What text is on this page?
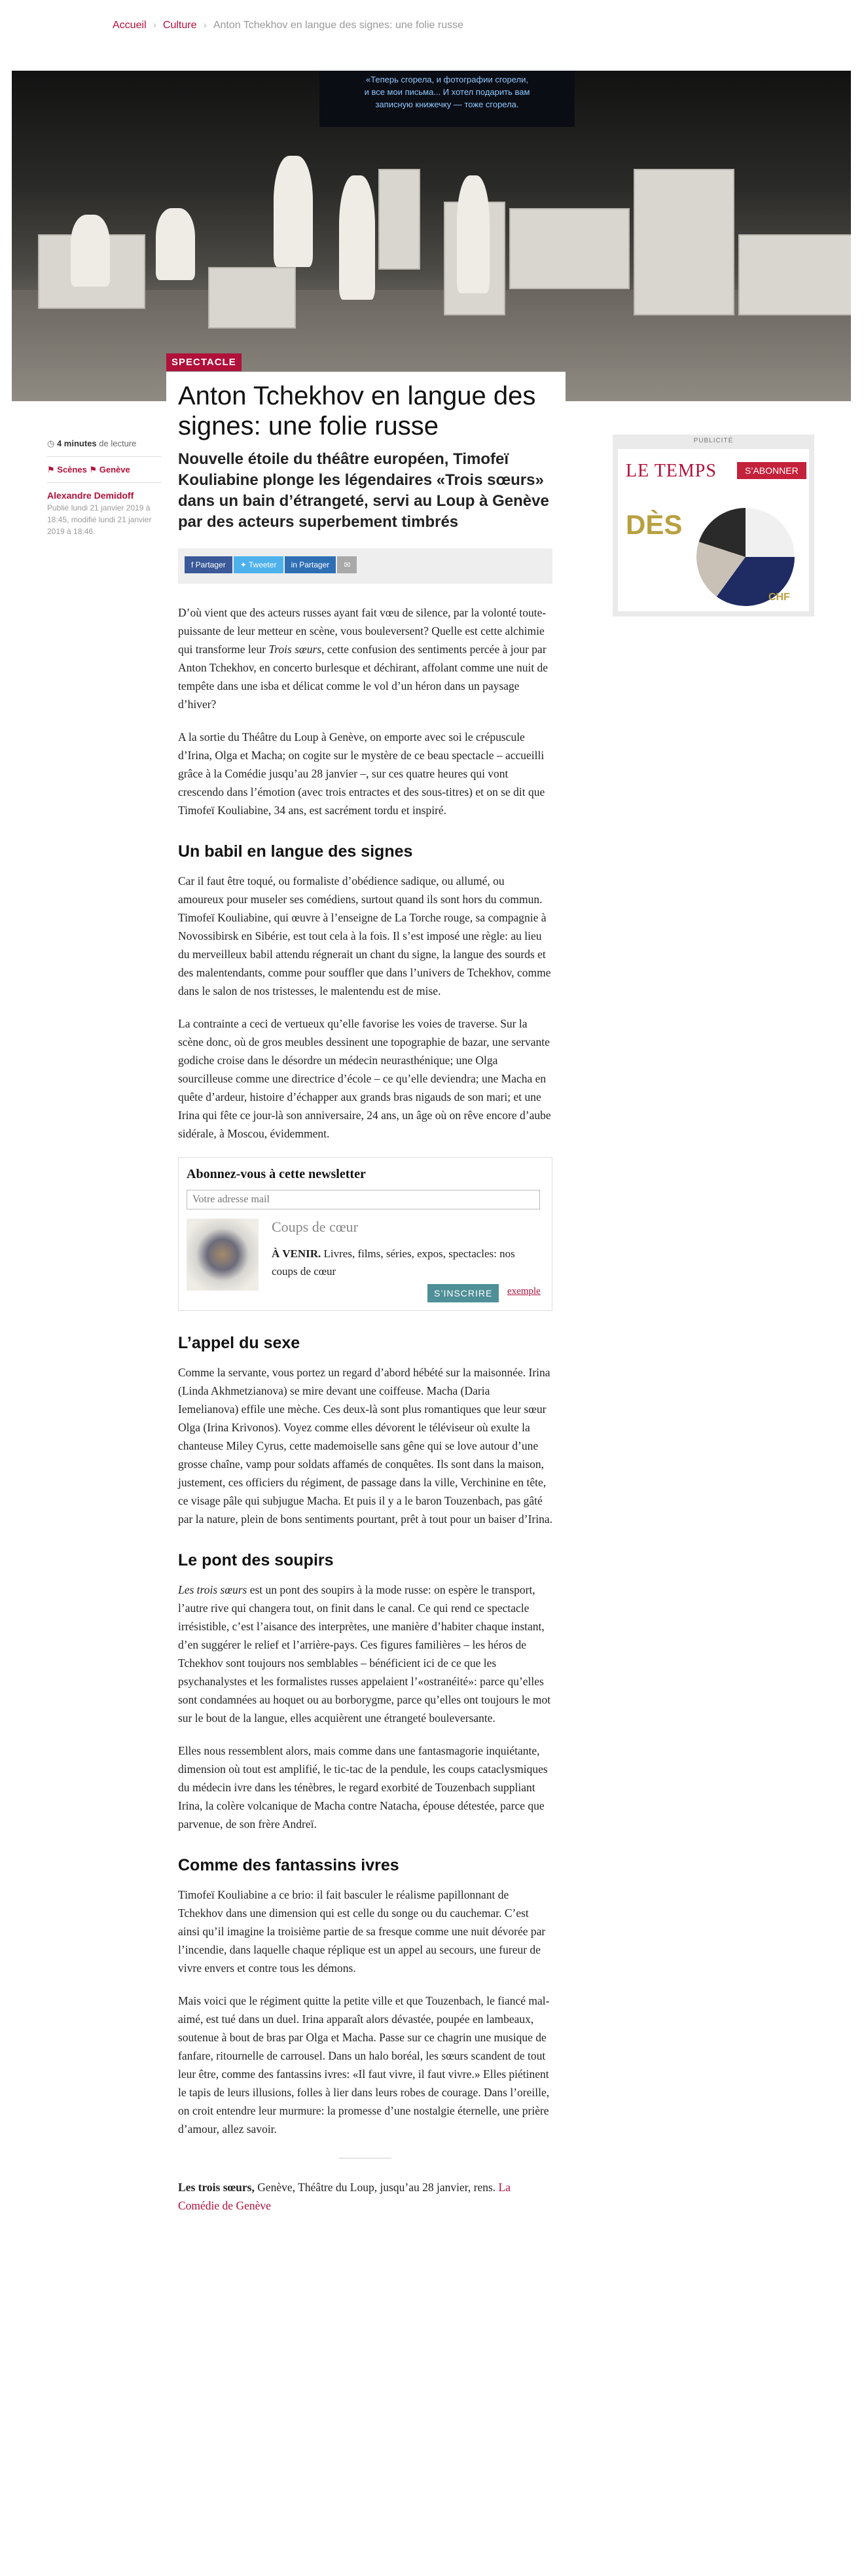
Accueil › Culture › Anton Tchekhov en langue des signes: une folie russe
«Теперь сгорела, и фотографии сгорели,
и все мои письма... И хотел подарить вам
записную книжечку — тоже сгорела.
SPECTACLE
Anton Tchekhov en langue des signes: une folie russe
◷ 4 minutes de lecture
⚑ Scènes ⚑ Genève
Alexandre Demidoff
Publié lundi 21 janvier 2019 à 18:45, modifié lundi 21 janvier 2019 à 18:46.

Nouvelle étoile du théâtre européen, Timofeï Kouliabine plonge les légendaires «Trois sœurs» dans un bain d’étrangeté, servi au Loup à Genève par des acteurs superbement timbrés

f Partager ✦ Tweeter in Partager ✉

D’où vient que des acteurs russes ayant fait vœu de silence, par la volonté toute-puissante de leur metteur en scène, vous bouleversent? Quelle est cette alchimie qui transforme leur Trois sœurs, cette confusion des sentiments percée à jour par Anton Tchekhov, en concerto burlesque et déchirant, affolant comme une nuit de tempête dans une isba et délicat comme le vol d’un héron dans un paysage d’hiver?

A la sortie du Théâtre du Loup à Genève, on emporte avec soi le crépuscule d’Irina, Olga et Macha; on cogite sur le mystère de ce beau spectacle – accueilli grâce à la Comédie jusqu’au 28 janvier –, sur ces quatre heures qui vont crescendo dans l’émotion (avec trois entractes et des sous-titres) et on se dit que Timofeï Kouliabine, 34 ans, est sacrément tordu et inspiré.

Un babil en langue des signes

Car il faut être toqué, ou formaliste d’obédience sadique, ou allumé, ou amoureux pour museler ses comédiens, surtout quand ils sont hors du commun. Timofeï Kouliabine, qui œuvre à l’enseigne de La Torche rouge, sa compagnie à Novossibirsk en Sibérie, est tout cela à la fois. Il s’est imposé une règle: au lieu du merveilleux babil attendu régnerait un chant du signe, la langue des sourds et des malentendants, comme pour souffler que dans l’univers de Tchekhov, comme dans le salon de nos tristesses, le malentendu est de mise.

La contrainte a ceci de vertueux qu’elle favorise les voies de traverse. Sur la scène donc, où de gros meubles dessinent une topographie de bazar, une servante godiche croise dans le désordre un médecin neurasthénique; une Olga sourcilleuse comme une directrice d’école – ce qu’elle deviendra; une Macha en quête d’ardeur, histoire d’échapper aux grands bras nigauds de son mari; et une Irina qui fête ce jour-là son anniversaire, 24 ans, un âge où on rêve encore d’aube sidérale, à Moscou, évidemment.

Abonnez-vous à cette newsletter
Votre adresse mail
Coups de cœur
À VENIR. Livres, films, séries, expos, spectacles: nos coups de cœur
S’INSCRIRE	exemple
L’appel du sexe

Comme la servante, vous portez un regard d’abord hébété sur la maisonnée. Irina (Linda Akhmetzianova) se mire devant une coiffeuse. Macha (Daria Iemelianova) effile une mèche. Ces deux-là sont plus romantiques que leur sœur Olga (Irina Krivonos). Voyez comme elles dévorent le téléviseur où exulte la chanteuse Miley Cyrus, cette mademoiselle sans gêne qui se love autour d’une grosse chaîne, vamp pour soldats affamés de conquêtes. Ils sont dans la maison, justement, ces officiers du régiment, de passage dans la ville, Verchinine en tête, ce visage pâle qui subjugue Macha. Et puis il y a le baron Touzenbach, pas gâté par la nature, plein de bons sentiments pourtant, prêt à tout pour un baiser d’Irina.

Le pont des soupirs

Les trois sœurs est un pont des soupirs à la mode russe: on espère le transport, l’autre rive qui changera tout, on finit dans le canal. Ce qui rend ce spectacle irrésistible, c’est l’aisance des interprètes, une manière d’habiter chaque instant, d’en suggérer le relief et l’arrière-pays. Ces figures familières – les héros de Tchekhov sont toujours nos semblables – bénéficient ici de ce que les psychanalystes et les formalistes russes appelaient l’«ostranéité»: parce qu’elles sont condamnées au hoquet ou au borborygme, parce qu’elles ont toujours le mot sur le bout de la langue, elles acquièrent une étrangeté bouleversante.

Elles nous ressemblent alors, mais comme dans une fantasmagorie inquiétante, dimension où tout est amplifié, le tic-tac de la pendule, les coups cataclysmiques du médecin ivre dans les ténèbres, le regard exorbité de Touzenbach suppliant Irina, la colère volcanique de Macha contre Natacha, épouse détestée, parce que parvenue, de son frère Andreï.

Comme des fantassins ivres

Timofeï Kouliabine a ce brio: il fait basculer le réalisme papillonnant de Tchekhov dans une dimension qui est celle du songe ou du cauchemar. C’est ainsi qu’il imagine la troisième partie de sa fresque comme une nuit dévorée par l’incendie, dans laquelle chaque réplique est un appel au secours, une fureur de vivre envers et contre tous les démons.

Mais voici que le régiment quitte la petite ville et que Touzenbach, le fiancé mal-aimé, est tué dans un duel. Irina apparaît alors dévastée, poupée en lambeaux, soutenue à bout de bras par Olga et Macha. Passe sur ce chagrin une musique de fanfare, ritournelle de carrousel. Dans un halo boréal, les sœurs scandent de tout leur être, comme des fantassins ivres: «Il faut vivre, il faut vivre.» Elles piétinent le tapis de leurs illusions, folles à lier dans leurs robes de courage. Dans l’oreille, on croit entendre leur murmure: la promesse d’une nostalgie éternelle, une prière d’amour, allez savoir.

Les trois sœurs, Genève, Théâtre du Loup, jusqu’au 28 janvier, rens. La Comédie de Genève
PUBLICITÉ
LE TEMPS	S’ABONNER
DÈS
CHF
